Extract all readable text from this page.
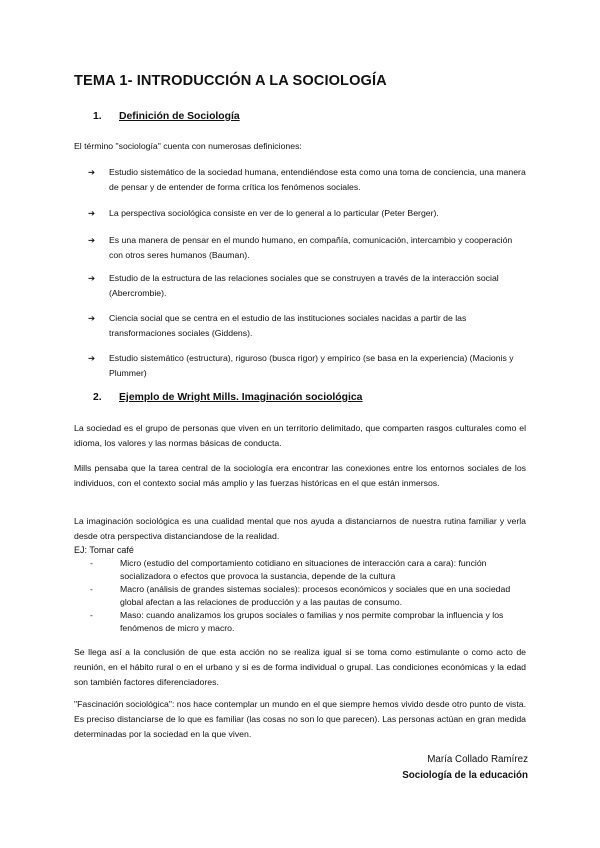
TEMA 1- INTRODUCCIÓN A LA SOCIOLOGÍA
1. Definición de Sociología
El término "sociología" cuenta con numerosas definiciones:
➔	Estudio sistemático de la sociedad humana, entendiéndose esta como una toma de conciencia, una manera de pensar y de entender de forma crítica los fenómenos sociales.
➔	La perspectiva sociológica consiste en ver de lo general a lo particular (Peter Berger).
➔	Es una manera de pensar en el mundo humano, en compañía, comunicación, intercambio y cooperación con otros seres humanos (Bauman).
➔	Estudio de la estructura de las relaciones sociales que se construyen a través de la interacción social (Abercrombie).
➔	Ciencia social que se centra en el estudio de las instituciones sociales nacidas a partir de las transformaciones sociales (Giddens).
➔	Estudio sistemático (estructura), riguroso (busca rigor) y empírico (se basa en la experiencia) (Macionis y Plummer)
2. Ejemplo de Wright Mills. Imaginación sociológica
La sociedad es el grupo de personas que viven en un territorio delimitado, que comparten rasgos culturales como el idioma, los valores y las normas básicas de conducta.
Mills pensaba que la tarea central de la sociología era encontrar las conexiones entre los entornos sociales de los individuos, con el contexto social más amplio y las fuerzas históricas en el que están inmersos.
La imaginación sociológica es una cualidad mental que nos ayuda a distanciarnos de nuestra rutina familiar y verla desde otra perspectiva distanciandose de la realidad.
EJ: Tomar café
-	Micro (estudio del comportamiento cotidiano en situaciones de interacción cara a cara): función socializadora o efectos que provoca la sustancia, depende de la cultura
-	Macro (análisis de grandes sistemas sociales): procesos económicos y sociales que en una sociedad global afectan a las relaciones de producción y a las pautas de consumo.
-	Maso: cuando analizamos los grupos sociales o familias y nos permite comprobar la influencia y los fenómenos de micro y macro.
Se llega así a la conclusión de que esta acción no se realiza igual si se toma como estimulante o como acto de reunión, en el hábito rural o en el urbano y si es de forma individual o grupal. Las condiciones económicas y la edad son también factores diferenciadores.
"Fascinación sociológica": nos hace contemplar un mundo en el que siempre hemos vivido desde otro punto de vista. Es preciso distanciarse de lo que es familiar (las cosas no son lo que parecen). Las personas actúan en gran medida determinadas por la sociedad en la que viven.
María Collado Ramírez
Sociología de la educación
